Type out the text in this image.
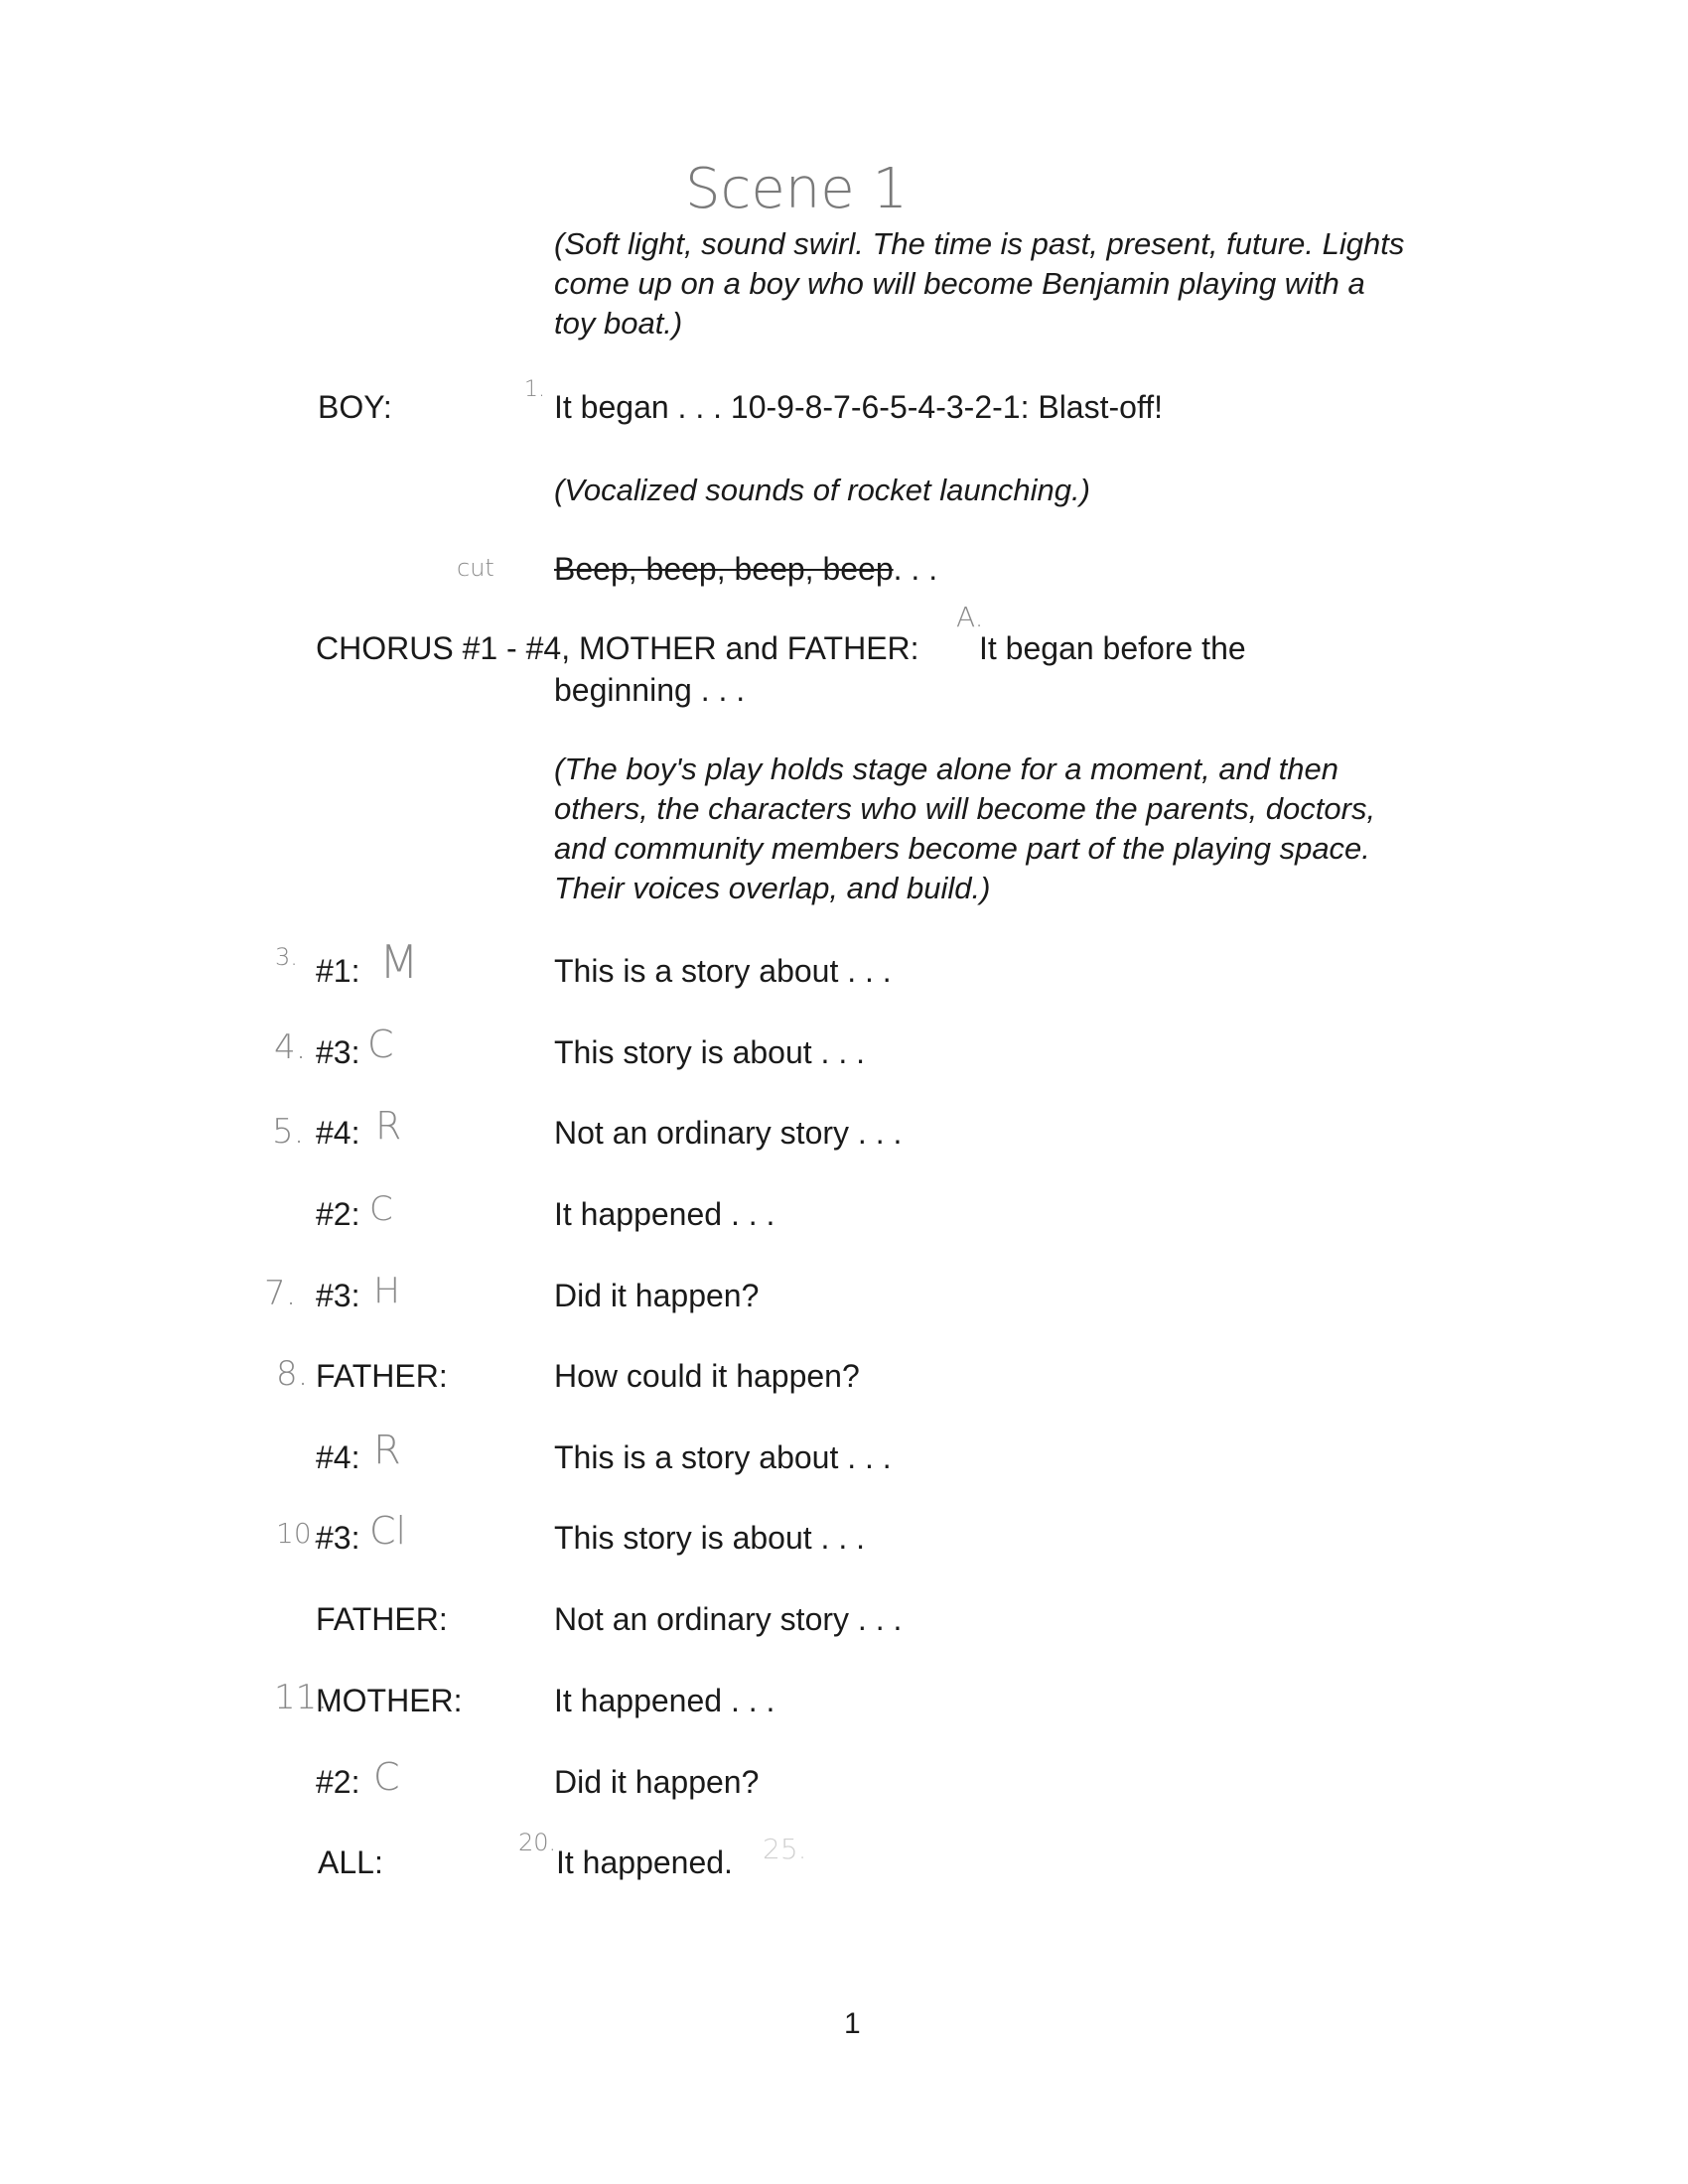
Scene 1
(Soft light, sound swirl. The time is past, present, future. Lights come up on a boy who will become Benjamin playing with a toy boat.)
BOY:	1. It began . . . 10-9-8-7-6-5-4-3-2-1: Blast-off!
(Vocalized sounds of rocket launching.)
cut Beep, beep, beep, beep. . .
CHORUS #1 - #4, MOTHER and FATHER:
A.
It began before the
beginning . . .
(The boy's play holds stage alone for a moment, and then others, the characters who will become the parents, doctors, and community members become part of the playing space. Their voices overlap, and build.)
3. #1: M	This is a story about . . .
4. #3: C	This story is about . . .
5. #4: R	Not an ordinary story . . .
#2: C	It happened . . .
7. #3: H	Did it happen?
8. FATHER:	How could it happen?
#4: R	This is a story about . . .
10.
#3: Cl	This story is about . . .
FATHER:	Not an ordinary story . . .
11.
MOTHER:	It happened . . .
#2: C	Did it happen?
ALL:
20.
It happened. 25.
1
